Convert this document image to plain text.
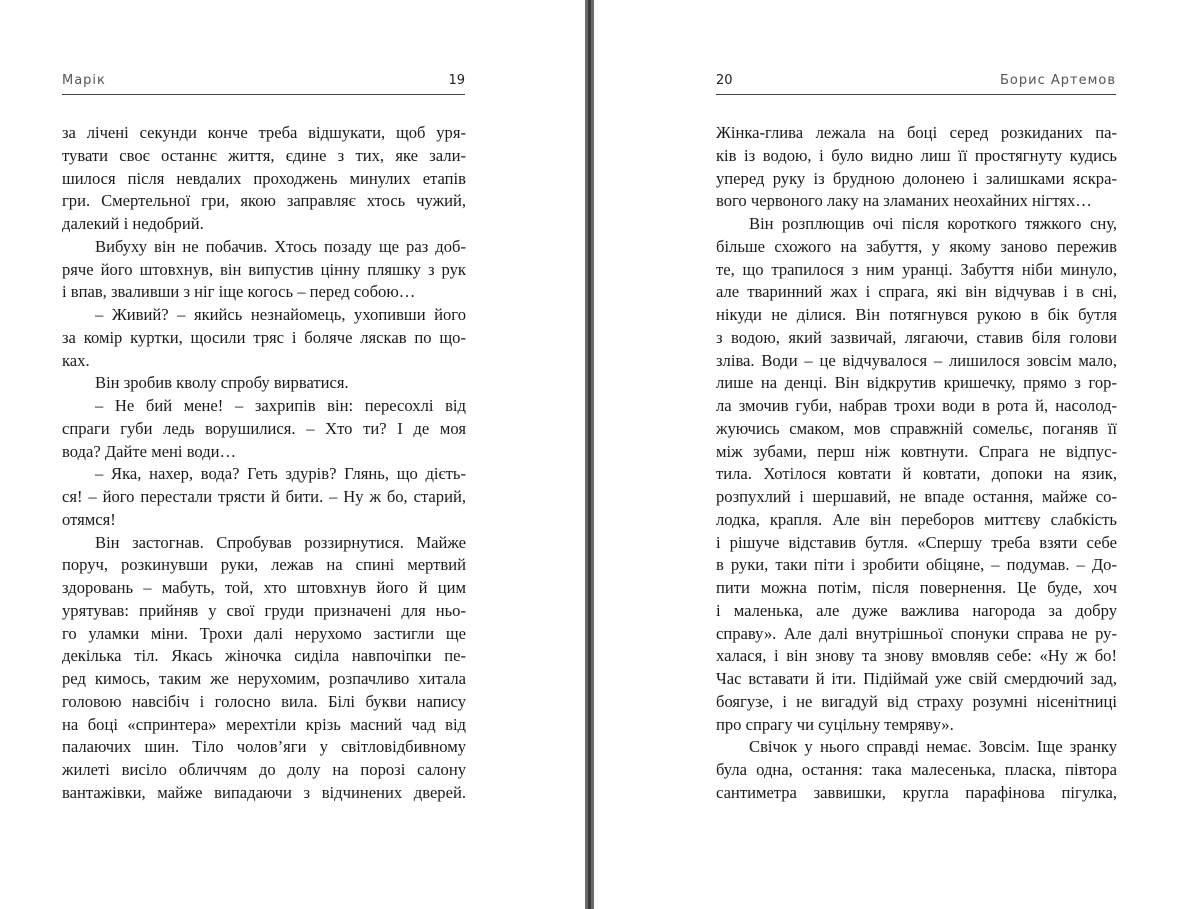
Марік	19
за лічені секунди конче треба відшукати, щоб уря-
тувати своє останнє життя, єдине з тих, яке зали-
шилося після невдалих проходжень минулих етапів
гри. Смертельної гри, якою заправляє хтось чужий,
далекий і недобрий.
Вибуху він не побачив. Хтось позаду ще раз доб-
ряче його штовхнув, він випустив цінну пляшку з рук
і впав, зваливши з ніг іще когось – перед собою…
– Живий? – якийсь незнайомець, ухопивши його
за комір куртки, щосили тряс і боляче ляскав по що-
ках.
Він зробив кволу спробу вирватися.
– Не бий мене! – захрипів він: пересохлі від
спраги губи ледь ворушилися. – Хто ти? І де моя
вода? Дайте мені води…
– Яка, нахер, вода? Геть здурів? Глянь, що дієть-
ся! – його перестали трясти й бити. – Ну ж бо, старий,
отямся!
Він застогнав. Спробував роззирнутися. Майже
поруч, розкинувши руки, лежав на спині мертвий
здоровань – мабуть, той, хто штовхнув його й цим
урятував: прийняв у свої груди призначені для ньо-
го уламки міни. Трохи далі нерухомо застигли ще
декілька тіл. Якась жіночка сиділа навпочіпки пе-
ред кимось, таким же нерухомим, розпачливо хитала
головою навсібіч і голосно вила. Білі букви напису
на боці «спринтера» мерехтіли крізь масний чад від
палаючих шин. Тіло чолов’яги у світловідбивному
жилеті висіло обличчям до долу на порозі салону
вантажівки, майже випадаючи з відчинених дверей.
20	Борис Артемов
Жінка-глива лежала на боці серед розкиданих па-
ків із водою, і було видно лиш її простягнуту кудись
уперед руку із брудною долонею і залишками яскра-
вого червоного лаку на зламаних неохайних нігтях…
Він розплющив очі після короткого тяжкого сну,
більше схожого на забуття, у якому заново пережив
те, що трапилося з ним уранці. Забуття ніби минуло,
але тваринний жах і спрага, які він відчував і в сні,
нікуди не ділися. Він потягнувся рукою в бік бутля
з водою, який зазвичай, лягаючи, ставив біля голови
зліва. Води – це відчувалося – лишилося зовсім мало,
лише на денці. Він відкрутив кришечку, прямо з гор-
ла змочив губи, набрав трохи води в рота й, насолод-
жуючись смаком, мов справжній сомельє, поганяв її
між зубами, перш ніж ковтнути. Спрага не відпус-
тила. Хотілося ковтати й ковтати, допоки на язик,
розпухлий і шершавий, не впаде остання, майже со-
лодка, крапля. Але він переборов миттєву слабкість
і рішуче відставив бутля. «Спершу треба взяти себе
в руки, таки піти і зробити обіцяне, – подумав. – До-
пити можна потім, після повернення. Це буде, хоч
і маленька, але дуже важлива нагорода за добру
справу». Але далі внутрішньої спонуки справа не ру-
халася, і він знову та знову вмовляв себе: «Ну ж бо!
Час вставати й іти. Підіймай уже свій смердючий зад,
боягузе, і не вигадуй від страху розумні нісенітниці
про спрагу чи суцільну темряву».
Свічок у нього справді немає. Зовсім. Іще зранку
була одна, остання: така малесенька, пласка, півтора
сантиметра заввишки, кругла парафінова пігулка,
